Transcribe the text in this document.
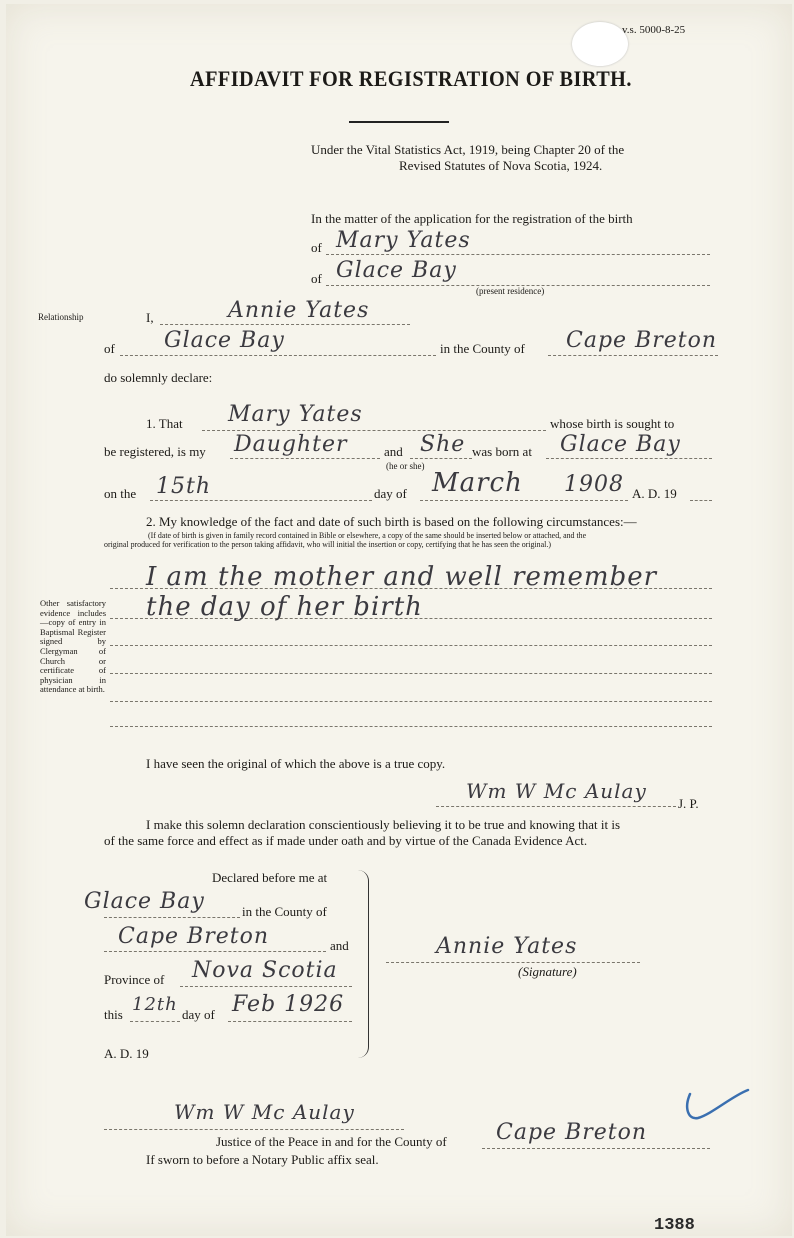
v.s. 5000-8-25
AFFIDAVIT FOR REGISTRATION OF BIRTH.
Under the Vital Statistics Act, 1919, being Chapter 20 of the
Revised Statutes of Nova Scotia, 1924.
In the matter of the application for the registration of the birth
of Mary Yates
of Glace Bay
(present residence)
Relationship	I,	Annie Yates
of Glace Bay	in the County of Cape Breton
do solemnly declare:
1. That Mary Yates	whose birth is sought to
be registered, is my Daughter	and She
(he or she)
was born at Glace Bay
on the 15th	day of March 1908 A. D. 19
2. My knowledge of the fact and date of such birth is based on the following circumstances:—
(If date of birth is given in family record contained in Bible or elsewhere, a copy of the same should be inserted below or attached, and the
original produced for verification to the person taking affidavit, who will initial the insertion or copy, certifying that he has seen the original.)
I am the mother and well remember
the day of her birth
Other satisfactory evidence includes —copy of entry in Baptismal Register signed by Clergyman of Church or certificate of physician in attendance at birth.
I have seen the original of which the above is a true copy.
Wm W Mc Aulay
J. P.
I make this solemn declaration conscientiously believing it to be true and knowing that it is
of the same force and effect as if made under oath and by virtue of the Canada Evidence Act.
Declared before me at
Glace Bay	in the County of
Cape Breton	and
Province of Nova Scotia
this 12th day of Feb 1926
A. D. 19
Annie Yates
(Signature)
Wm W Mc Aulay
Justice of the Peace in and for the County of Cape Breton
If sworn to before a Notary Public affix seal.
1388
